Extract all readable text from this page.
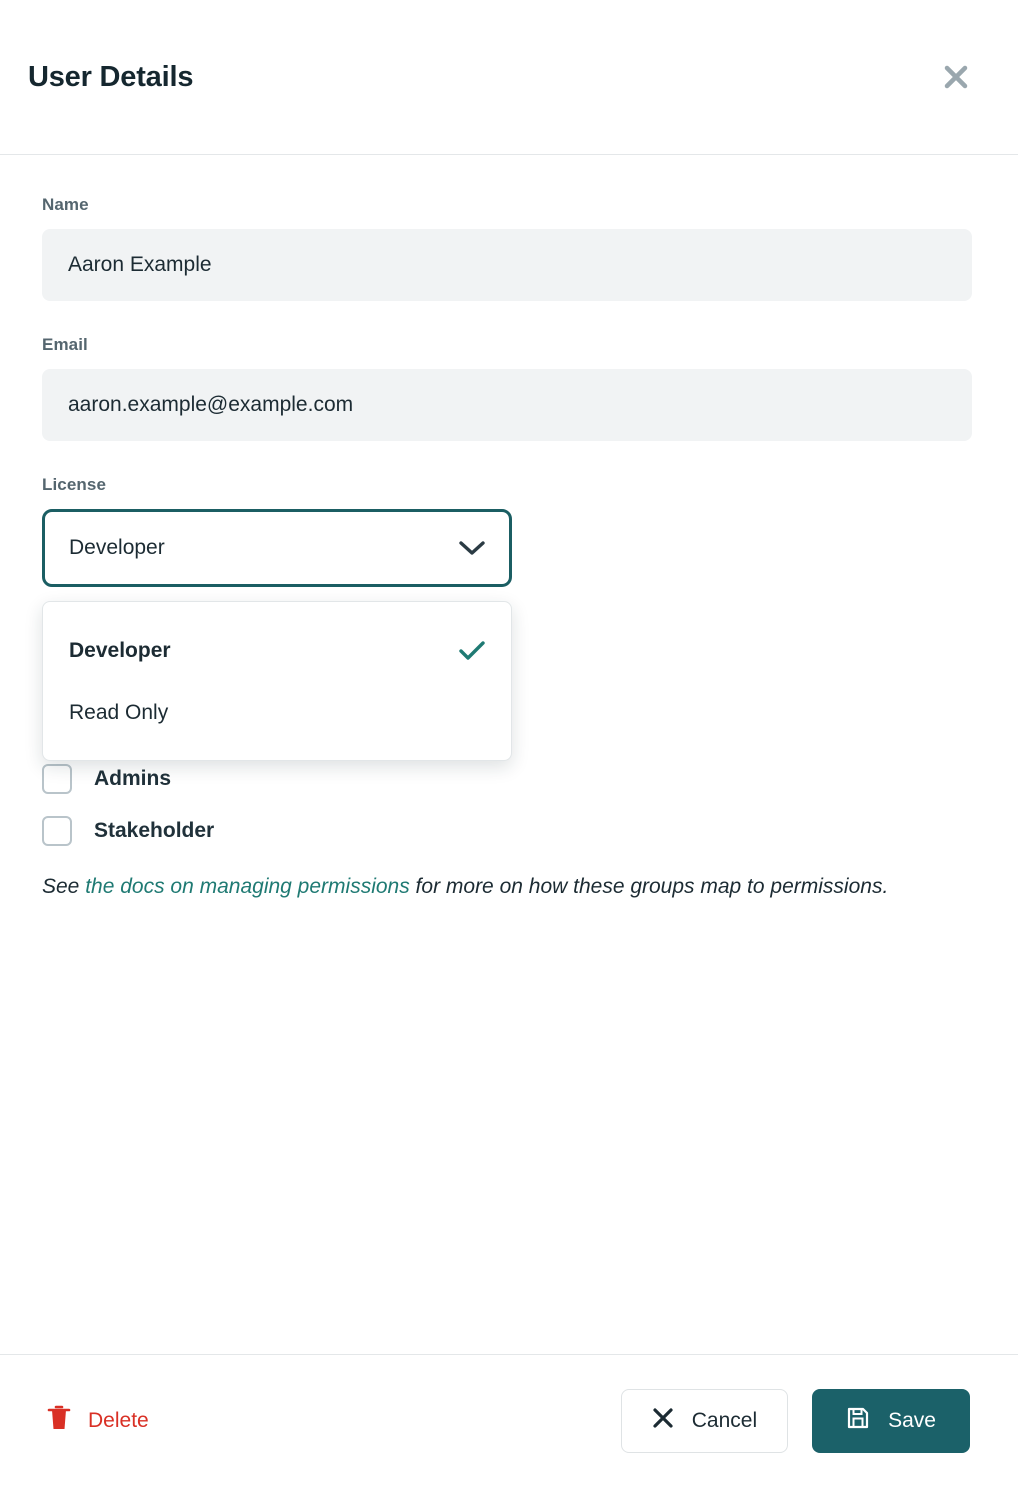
User Details
Name
Aaron Example
Email
aaron.example@example.com
License
Developer
Developer
Read Only
Admins
Stakeholder
See the docs on managing permissions for more on how these groups map to permissions.
Delete	Cancel	Save
